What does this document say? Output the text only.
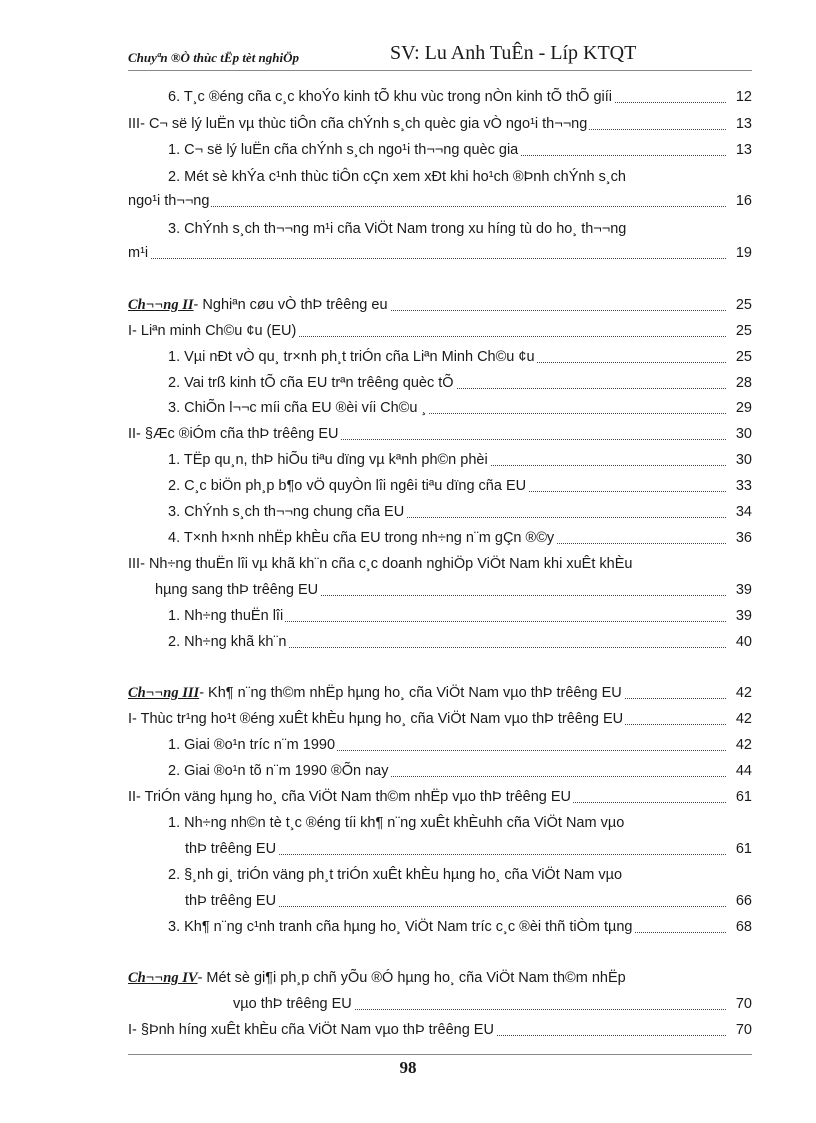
Chuyªn ®Ò thùc tËp tèt nghiÖp	SV: Lu Anh TuÊn - Líp KTQT
6. T¸c ®éng cña c¸c khoÝo kinh tÕ khu vùc trong nÒn kinh tÕ thÕ giíi	12
III- C¬ së lý luËn vµ thùc tiÔn cña chÝnh s¸ch quèc gia vÒ ngo¹i th¬¬ng	13
1. C¬ së lý luËn cña chÝnh s¸ch ngo¹i th¬¬ng quèc gia	13
2. Mét sè khÝa c¹nh thùc tiÔn cÇn xem xÐt khi ho¹ch ®Þnh chÝnh s¸ch
ngo¹i th¬¬ng	16
3. ChÝnh s¸ch th¬¬ng m¹i cña ViÖt Nam trong xu híng tù do ho¸ th¬¬ng
m¹i	19
Ch¬¬ng II- Nghiªn cøu vÒ thÞ trêêng eu	25
I- Liªn minh Ch©u ¢u (EU)	25
1. Vµi nÐt vÒ qu¸ tr×nh ph¸t triÓn cña Liªn Minh Ch©u ¢u	25
2. Vai trß kinh tÕ cña EU trªn trêêng quèc tÕ	28
3. ChiÕn l¬¬c míi cña EU ®èi víi Ch©u ¸	29
II- §Æc ®iÓm cña thÞ trêêng EU	30
1. TËp qu¸n, thÞ hiÕu tiªu dïng vµ kªnh ph©n phèi	30
2. C¸c biÖn ph¸p b¶o vÖ quyÒn lîi ngêi tiªu dïng cña EU	33
3. ChÝnh s¸ch th¬¬ng chung cña EU	34
4. T×nh h×nh nhËp khÈu cña EU trong nh÷ng n¨m gÇn ®©y	36
III- Nh÷ng thuËn lîi vµ khã kh¨n cña c¸c doanh nghiÖp ViÖt Nam khi xuÊt khÈu
hµng sang thÞ trêêng EU	39
1. Nh÷ng thuËn lîi	39
2. Nh÷ng khã kh¨n	40
Ch¬¬ng III- Kh¶ n¨ng th©m nhËp hµng ho¸ cña ViÖt Nam vµo thÞ trêêng EU	42
I- Thùc tr¹ng ho¹t ®éng xuÊt khÈu hµng ho¸ cña ViÖt Nam vµo thÞ trêêng EU	42
1. Giai ®o¹n tríc n¨m 1990	42
2. Giai ®o¹n tõ n¨m 1990 ®Õn nay	44
II- TriÓn väng hµng ho¸ cña ViÖt Nam th©m nhËp vµo thÞ trêêng EU	61
1. Nh÷ng nh©n tè t¸c ®éng tíi kh¶ n¨ng xuÊt khÈuhh cña ViÖt Nam vµo
thÞ trêêng EU	61
2. §¸nh gi¸ triÓn väng ph¸t triÓn xuÊt khÈu hµng ho¸ cña ViÖt Nam vµo
thÞ trêêng EU	66
3. Kh¶ n¨ng c¹nh tranh cña hµng ho¸ ViÖt Nam tríc c¸c ®èi thñ tiÒm tµng	68
Ch¬¬ng IV- Mét sè gi¶i ph¸p chñ yÕu ®Ó hµng ho¸ cña ViÖt Nam th©m nhËp
vµo thÞ trêêng EU	70
I- §Þnh híng xuÊt khÈu cña ViÖt Nam vµo thÞ trêêng EU	70
98
